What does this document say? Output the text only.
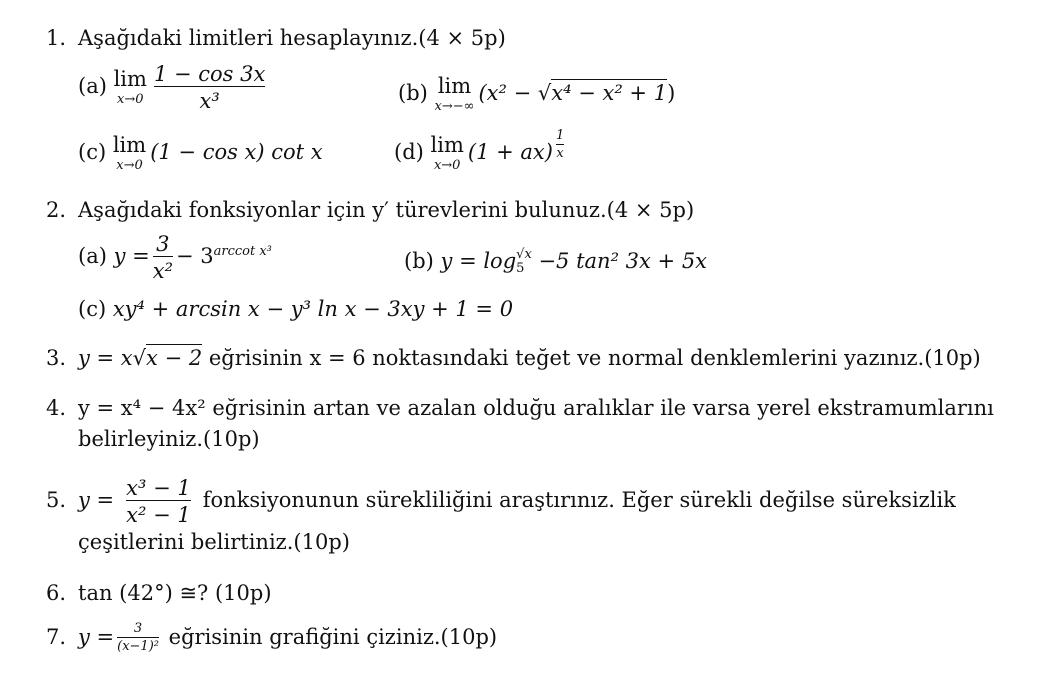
1. Aşağıdaki limitleri hesaplayınız.(4 × 5p)
(a) lim
$x\to 0 \frac{1 - \cos 3x}{\text{x³}}$	(b) lim
x→−∞
(x² − √x⁴ − x² + 1)
(c) lim
x→0
(1 − cos x) cot x	(d) lim
x→0
$(1 + ax) \frac{1}{x}$
2. Aşağıdaki fonksiyonlar için y′ türevlerini bulunuz.(4 × 5p)
(a) $y = \frac{3}{\text{x²}} - 3^{arccot x^3}$	(b) y = log √x
5 −5 tan² 3x + 5x
(c) xy⁴ + arcsin x − y³ ln x − 3xy + 1 = 0
3. y = x√x − 2 eğrisinin x = 6 noktasındaki teğet ve normal denklemlerini yazınız.(10p)
4. y = x⁴ − 4x² eğrisinin artan ve azalan olduğu aralıklar ile varsa yerel ekstramumlarını
belirleyiniz.(10p)
5. $y = \frac{\text{x³ − 1}}{\text{x² − 1}}$ fonksiyonunun sürekliliğini araştırınız. Eğer sürekli değilse süreksizlik
çeşitlerini belirtiniz.(10p)
6. tan (42°) ≅? (10p)
7. $y = \frac{3}{\text{(x−1)²}}$ eğrisinin grafiğini çiziniz.(10p)
